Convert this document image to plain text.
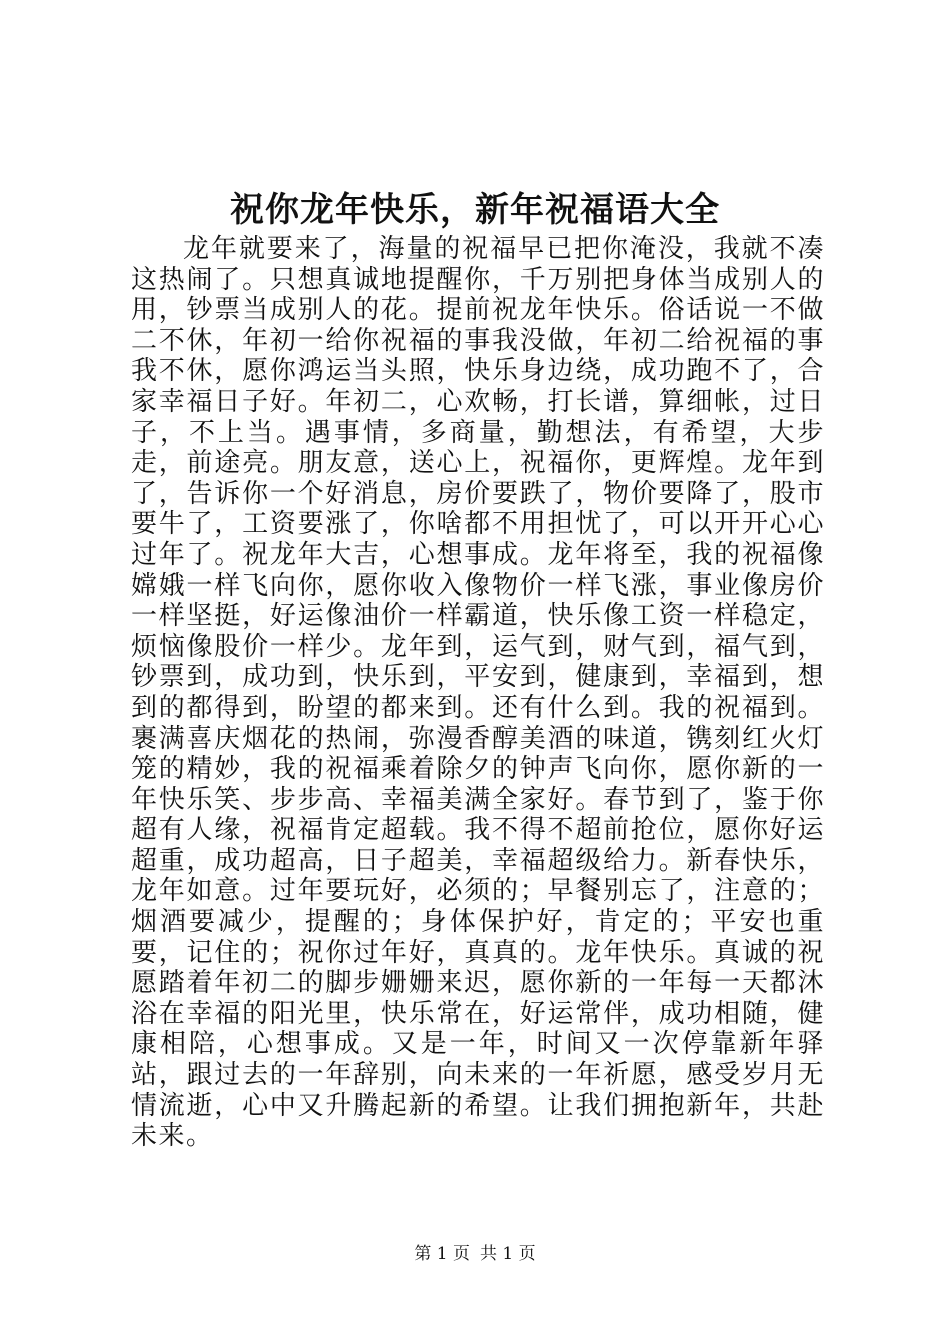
祝你龙年快乐，新年祝福语大全

龙年就要来了，海量的祝福早已把你淹没，我就不凑这热闹了。只想真诚地提醒你，千万别把身体当成别人的用，钞票当成别人的花。提前祝龙年快乐。俗话说一不做二不休，年初一给你祝福的事我没做，年初二给祝福的事我不休，愿你鸿运当头照，快乐身边绕，成功跑不了，合家幸福日子好。年初二，心欢畅，打长谱，算细帐，过日子，不上当。遇事情，多商量，勤想法，有希望，大步走，前途亮。朋友意，送心上，祝福你，更辉煌。龙年到了，告诉你一个好消息，房价要跌了，物价要降了，股市要牛了，工资要涨了，你啥都不用担忧了，可以开开心心过年了。祝龙年大吉，心想事成。龙年将至，我的祝福像嫦娥一样飞向你，愿你收入像物价一样飞涨，事业像房价一样坚挺，好运像油价一样霸道，快乐像工资一样稳定，烦恼像股价一样少。龙年到，运气到，财气到，福气到，钞票到，成功到，快乐到，平安到，健康到，幸福到，想到的都得到，盼望的都来到。还有什么到。我的祝福到。裹满喜庆烟花的热闹，弥漫香醇美酒的味道，镌刻红火灯笼的精妙，我的祝福乘着除夕的钟声飞向你，愿你新的一年快乐笑、步步高、幸福美满全家好。春节到了，鉴于你超有人缘，祝福肯定超载。我不得不超前抢位，愿你好运超重，成功超高，日子超美，幸福超级给力。新春快乐，龙年如意。过年要玩好，必须的；早餐别忘了，注意的；烟酒要减少，提醒的；身体保护好，肯定的；平安也重要，记住的；祝你过年好，真真的。龙年快乐。真诚的祝愿踏着年初二的脚步姗姗来迟，愿你新的一年每一天都沐浴在幸福的阳光里，快乐常在，好运常伴，成功相随，健康相陪，心想事成。又是一年，时间又一次停靠新年驿站，跟过去的一年辞别，向未来的一年祈愿，感受岁月无情流逝，心中又升腾起新的希望。让我们拥抱新年，共赴未来。

第 1 页 共 1 页
